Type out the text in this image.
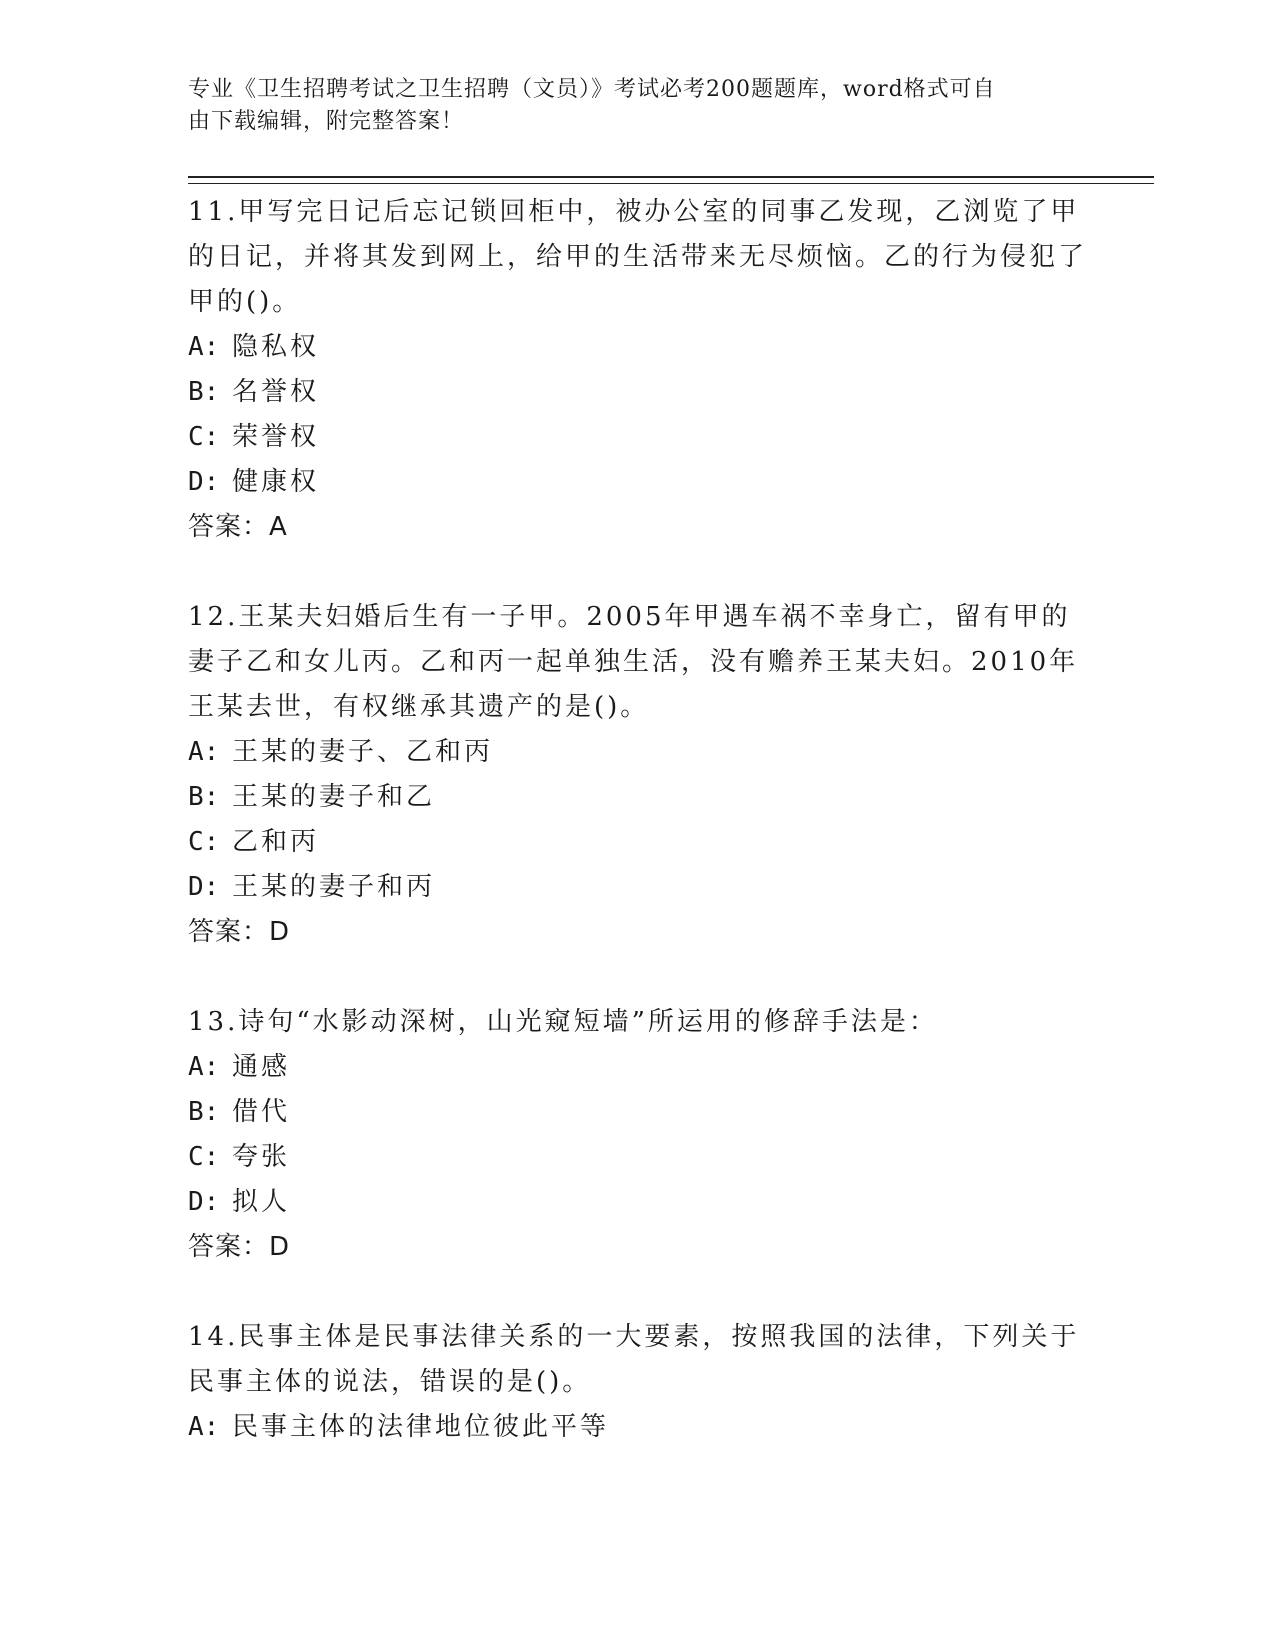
专业《卫生招聘考试之卫生招聘（文员）》考试必考200题题库，word格式可自
由下载编辑，附完整答案！

11.甲写完日记后忘记锁回柜中，被办公室的同事乙发现，乙浏览了甲的日记，并将其发到网上，给甲的生活带来无尽烦恼。乙的行为侵犯了甲的()。

A: 隐私权

B: 名誉权

C: 荣誉权

D: 健康权

答案：A

12.王某夫妇婚后生有一子甲。2005年甲遇车祸不幸身亡，留有甲的妻子乙和女儿丙。乙和丙一起单独生活，没有赡养王某夫妇。2010年王某去世，有权继承其遗产的是()。

A: 王某的妻子、乙和丙

B: 王某的妻子和乙

C: 乙和丙

D: 王某的妻子和丙

答案：D

13.诗句“水影动深树，山光窥短墙”所运用的修辞手法是：

A: 通感

B: 借代

C: 夸张

D: 拟人

答案：D

14.民事主体是民事法律关系的一大要素，按照我国的法律，下列关于民事主体的说法，错误的是()。

A: 民事主体的法律地位彼此平等
